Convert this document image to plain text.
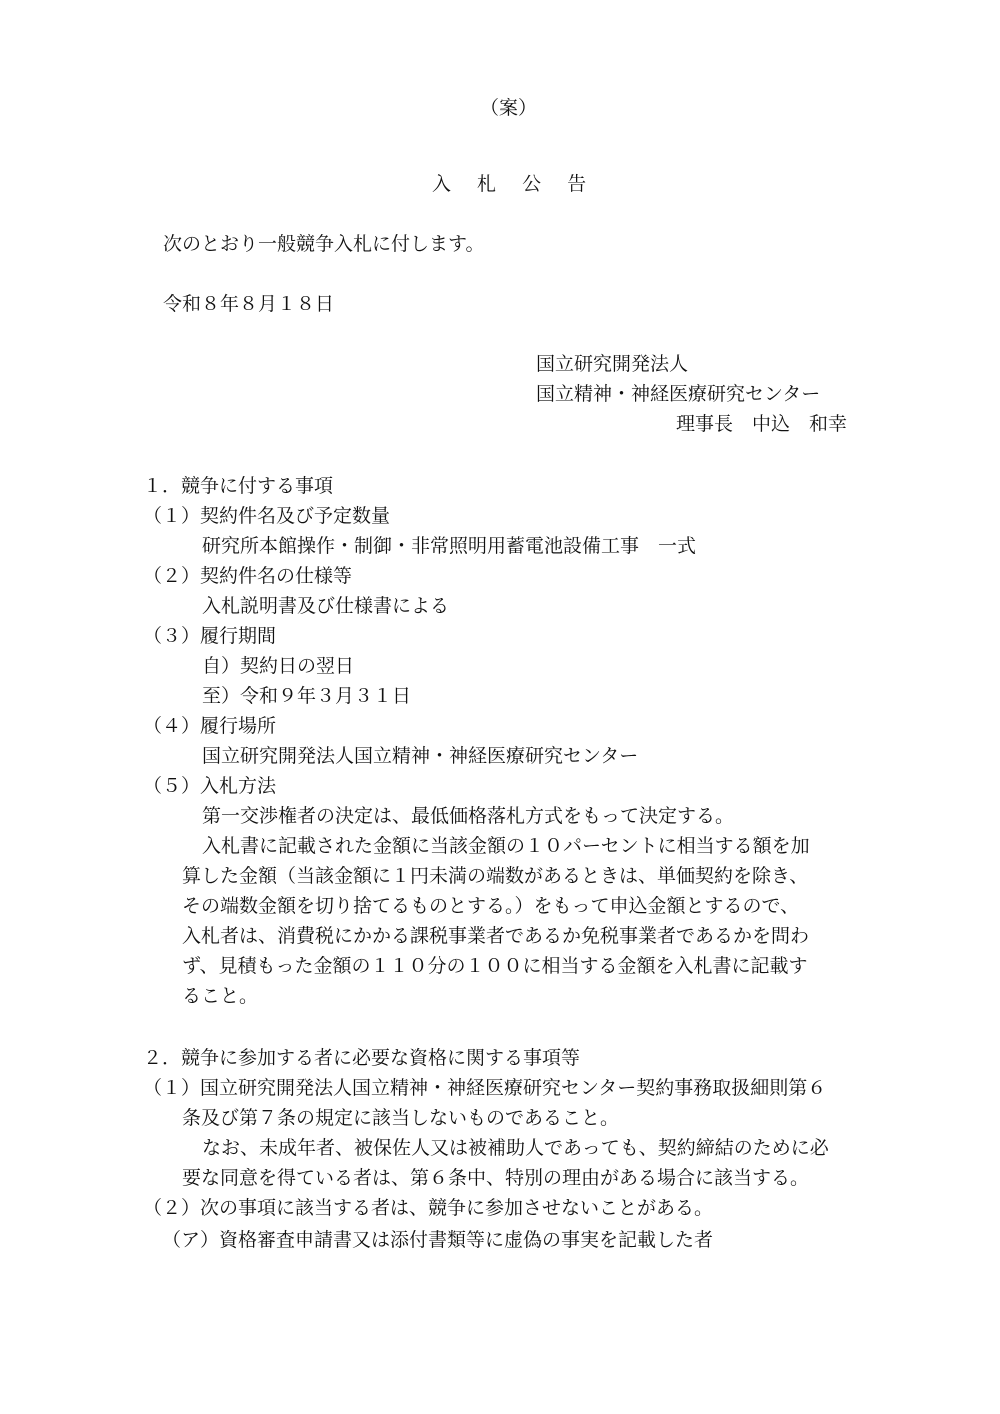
（案）
入 札 公 告
次のとおり一般競争入札に付します。
令和８年８月１８日
国立研究開発法人
国立精神・神経医療研究センター
理事長　中込　和幸
１．競争に付する事項
（１）契約件名及び予定数量
研究所本館操作・制御・非常照明用蓄電池設備工事　一式
（２）契約件名の仕様等
入札説明書及び仕様書による
（３）履行期間
自）契約日の翌日
至）令和９年３月３１日
（４）履行場所
国立研究開発法人国立精神・神経医療研究センター
（５）入札方法
第一交渉権者の決定は、最低価格落札方式をもって決定する。
入札書に記載された金額に当該金額の１０パーセントに相当する額を加
算した金額（当該金額に１円未満の端数があるときは、単価契約を除き、
その端数金額を切り捨てるものとする。）をもって申込金額とするので、
入札者は、消費税にかかる課税事業者であるか免税事業者であるかを問わ
ず、見積もった金額の１１０分の１００に相当する金額を入札書に記載す
ること。
２．競争に参加する者に必要な資格に関する事項等
（１）国立研究開発法人国立精神・神経医療研究センター契約事務取扱細則第６
条及び第７条の規定に該当しないものであること。
なお、未成年者、被保佐人又は被補助人であっても、契約締結のために必
要な同意を得ている者は、第６条中、特別の理由がある場合に該当する。
（２）次の事項に該当する者は、競争に参加させないことがある。
（ア）資格審査申請書又は添付書類等に虚偽の事実を記載した者
